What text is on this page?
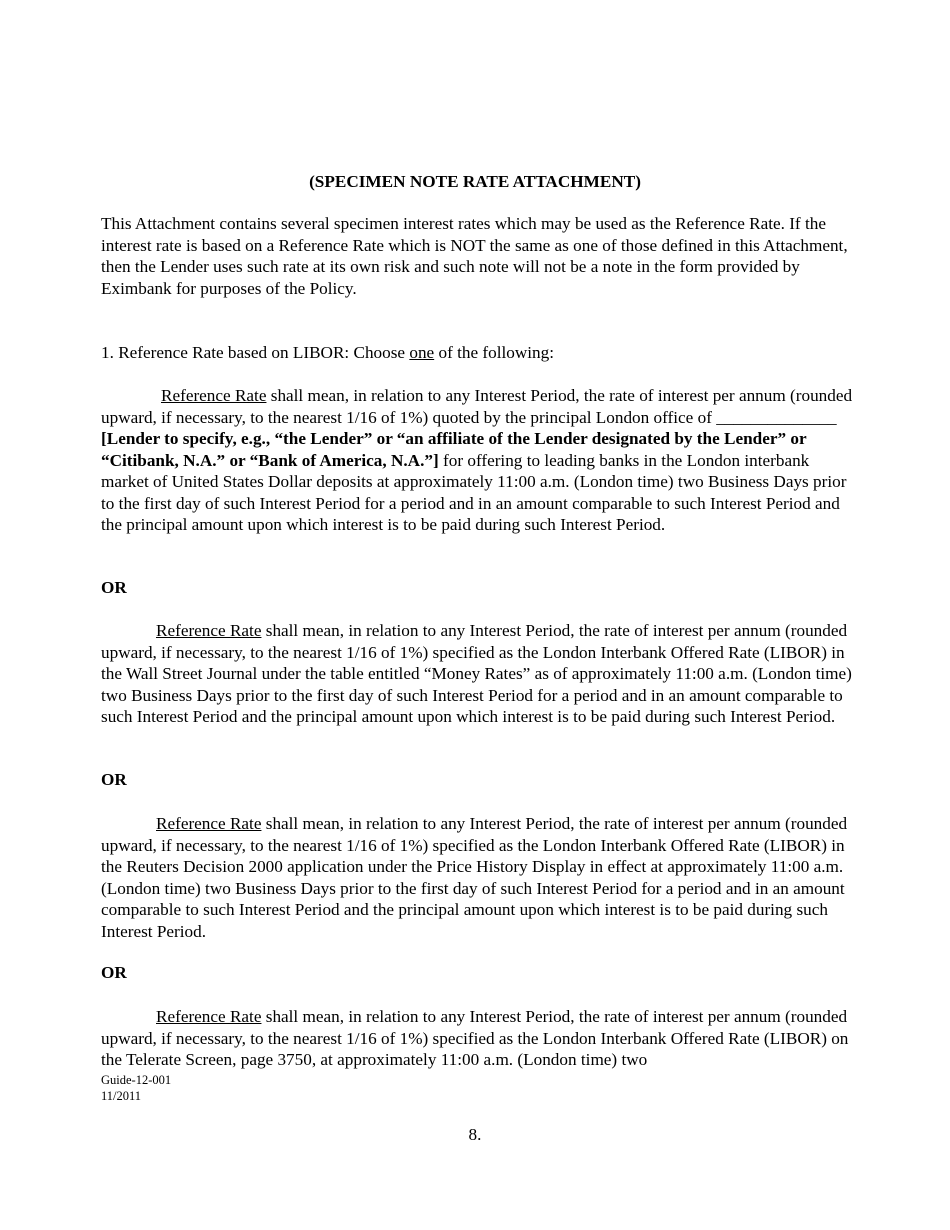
(SPECIMEN NOTE RATE ATTACHMENT)

This Attachment contains several specimen interest rates which may be used as the Reference Rate. If the interest rate is based on a Reference Rate which is NOT the same as one of those defined in this Attachment, then the Lender uses such rate at its own risk and such note will not be a note in the form provided by Eximbank for purposes of the Policy.

1. Reference Rate based on LIBOR: Choose one of the following:

Reference Rate shall mean, in relation to any Interest Period, the rate of interest per annum (rounded upward, if necessary, to the nearest 1/16 of 1%) quoted by the principal London office of ______________ [Lender to specify, e.g., “the Lender” or “an affiliate of the Lender designated by the Lender” or “Citibank, N.A.” or “Bank of America, N.A.”] for offering to leading banks in the London interbank market of United States Dollar deposits at approximately 11:00 a.m. (London time) two Business Days prior to the first day of such Interest Period for a period and in an amount comparable to such Interest Period and the principal amount upon which interest is to be paid during such Interest Period.

OR

Reference Rate shall mean, in relation to any Interest Period, the rate of interest per annum (rounded upward, if necessary, to the nearest 1/16 of 1%) specified as the London Interbank Offered Rate (LIBOR) in the Wall Street Journal under the table entitled “Money Rates” as of approximately 11:00 a.m. (London time) two Business Days prior to the first day of such Interest Period for a period and in an amount comparable to such Interest Period and the principal amount upon which interest is to be paid during such Interest Period.

OR

Reference Rate shall mean, in relation to any Interest Period, the rate of interest per annum (rounded upward, if necessary, to the nearest 1/16 of 1%) specified as the London Interbank Offered Rate (LIBOR) in the Reuters Decision 2000 application under the Price History Display in effect at approximately 11:00 a.m. (London time) two Business Days prior to the first day of such Interest Period for a period and in an amount comparable to such Interest Period and the principal amount upon which interest is to be paid during such Interest Period.

OR

Reference Rate shall mean, in relation to any Interest Period, the rate of interest per annum (rounded upward, if necessary, to the nearest 1/16 of 1%) specified as the London Interbank Offered Rate (LIBOR) on the Telerate Screen, page 3750, at approximately 11:00 a.m. (London time) two

Guide-12-001
11/2011
8.
